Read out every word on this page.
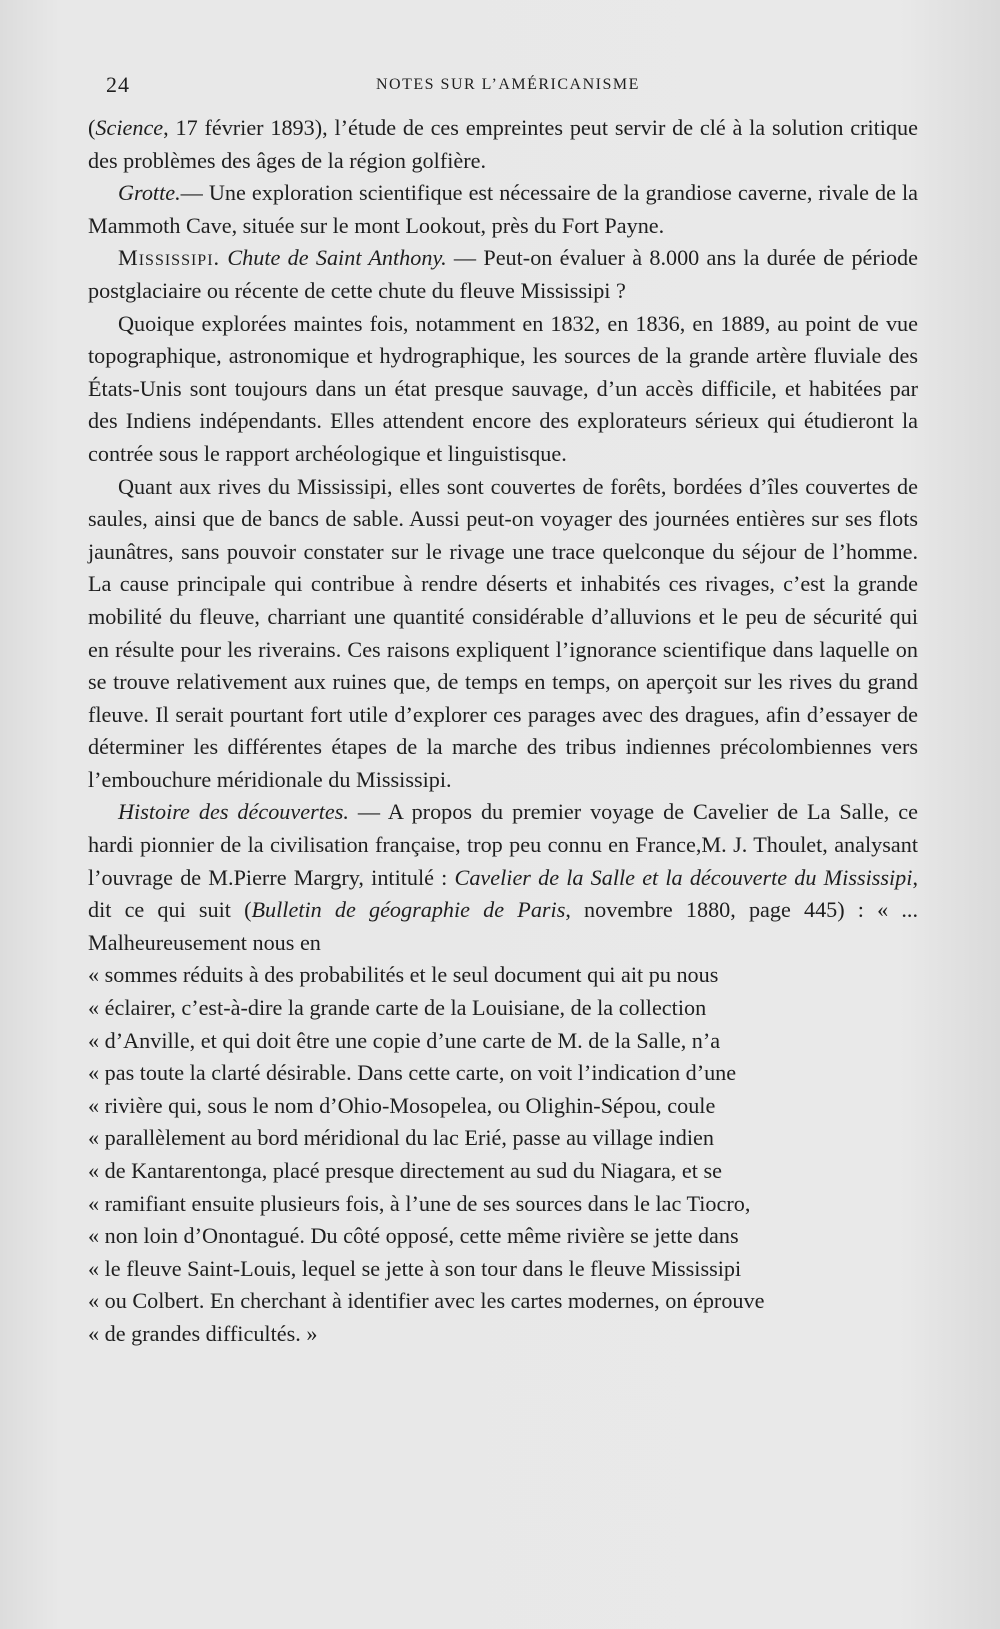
24	NOTES SUR L’AMÉRICANISME

(Science, 17 février 1893), l’étude de ces empreintes peut servir de clé à la solution critique des problèmes des âges de la région golfière.

Grotte.— Une exploration scientifique est nécessaire de la grandiose caverne, rivale de la Mammoth Cave, située sur le mont Lookout, près du Fort Payne.

Mississipi. Chute de Saint Anthony. — Peut-on évaluer à 8.000 ans la durée de période postglaciaire ou récente de cette chute du fleuve Mississipi ?

Quoique explorées maintes fois, notamment en 1832, en 1836, en 1889, au point de vue topographique, astronomique et hydrographique, les sources de la grande artère fluviale des États-Unis sont toujours dans un état presque sauvage, d’un accès difficile, et habitées par des Indiens indépendants. Elles attendent encore des explorateurs sérieux qui étudieront la contrée sous le rapport archéologique et linguistisque.

Quant aux rives du Mississipi, elles sont couvertes de forêts, bordées d’îles couvertes de saules, ainsi que de bancs de sable. Aussi peut-on voyager des journées entières sur ses flots jaunâtres, sans pouvoir constater sur le rivage une trace quelconque du séjour de l’homme. La cause principale qui contribue à rendre déserts et inhabités ces rivages, c’est la grande mobilité du fleuve, charriant une quantité considérable d’alluvions et le peu de sécurité qui en résulte pour les riverains. Ces raisons expliquent l’ignorance scientifique dans laquelle on se trouve relativement aux ruines que, de temps en temps, on aperçoit sur les rives du grand fleuve. Il serait pourtant fort utile d’explorer ces parages avec des dragues, afin d’essayer de déterminer les différentes étapes de la marche des tribus indiennes précolombiennes vers l’embouchure méridionale du Mississipi.

Histoire des découvertes. — A propos du premier voyage de Cavelier de La Salle, ce hardi pionnier de la civilisation française, trop peu connu en France,M. J. Thoulet, analysant l’ouvrage de M.Pierre Margry, intitulé : Cavelier de la Salle et la découverte du Mississipi, dit ce qui suit (Bulletin de géographie de Paris, novembre 1880, page 445) : « ... Malheureusement nous en

« sommes réduits à des probabilités et le seul document qui ait pu nous
« éclairer, c’est-à-dire la grande carte de la Louisiane, de la collection
« d’Anville, et qui doit être une copie d’une carte de M. de la Salle, n’a
« pas toute la clarté désirable. Dans cette carte, on voit l’indication d’une
« rivière qui, sous le nom d’Ohio-Mosopelea, ou Olighin-Sépou, coule
« parallèlement au bord méridional du lac Erié, passe au village indien
« de Kantarentonga, placé presque directement au sud du Niagara, et se
« ramifiant ensuite plusieurs fois, à l’une de ses sources dans le lac Tiocro,
« non loin d’Onontagué. Du côté opposé, cette même rivière se jette dans
« le fleuve Saint-Louis, lequel se jette à son tour dans le fleuve Mississipi
« ou Colbert. En cherchant à identifier avec les cartes modernes, on éprouve
« de grandes difficultés. »
